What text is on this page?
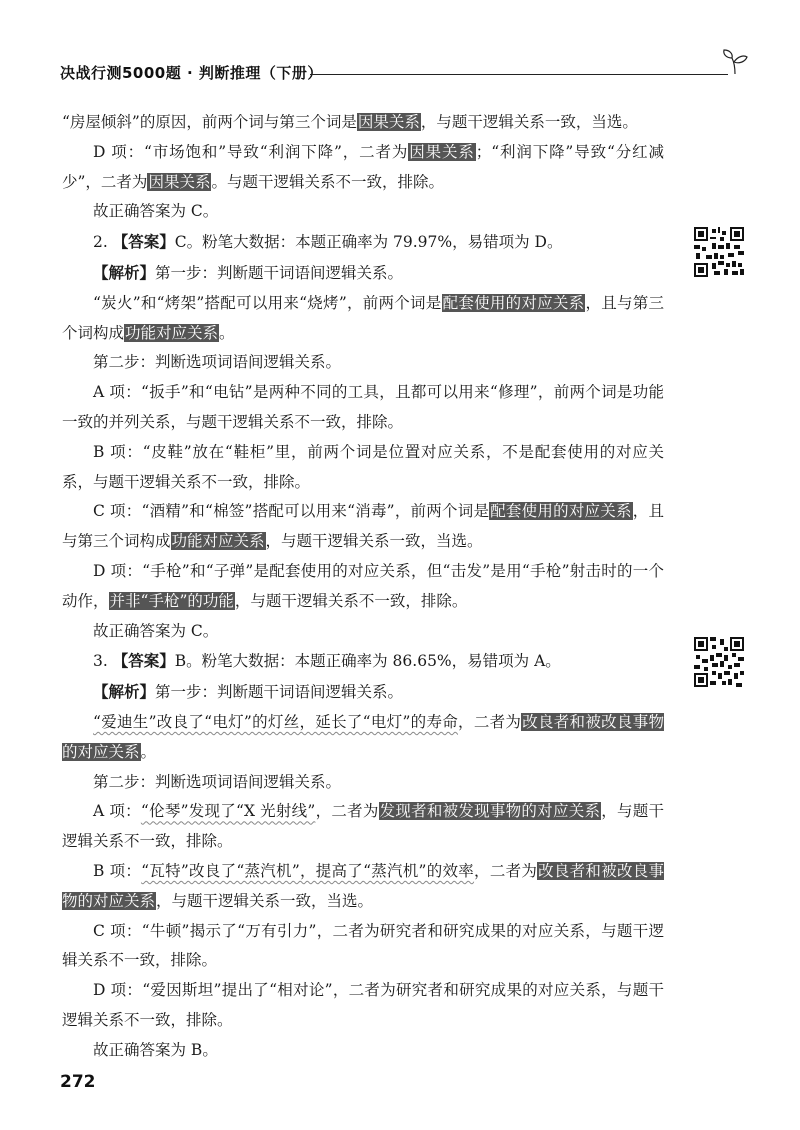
决战行测5000题 · 判断推理（下册）

“房屋倾斜”的原因，前两个词与第三个词是因果关系，与题干逻辑关系一致，当选。

D 项：“市场饱和”导致“利润下降”，二者为因果关系；“利润下降”导致“分红减少”，二者为因果关系。与题干逻辑关系不一致，排除。

故正确答案为 C。

2. 【答案】C。粉笔大数据：本题正确率为 79.97%，易错项为 D。

【解析】第一步：判断题干词语间逻辑关系。

“炭火”和“烤架”搭配可以用来“烧烤”，前两个词是配套使用的对应关系，且与第三个词构成功能对应关系。

第二步：判断选项词语间逻辑关系。

A 项：“扳手”和“电钻”是两种不同的工具，且都可以用来“修理”，前两个词是功能一致的并列关系，与题干逻辑关系不一致，排除。

B 项：“皮鞋”放在“鞋柜”里，前两个词是位置对应关系，不是配套使用的对应关系，与题干逻辑关系不一致，排除。

C 项：“酒精”和“棉签”搭配可以用来“消毒”，前两个词是配套使用的对应关系，且与第三个词构成功能对应关系，与题干逻辑关系一致，当选。

D 项：“手枪”和“子弹”是配套使用的对应关系，但“击发”是用“手枪”射击时的一个动作，并非“手枪”的功能，与题干逻辑关系不一致，排除。

故正确答案为 C。

3. 【答案】B。粉笔大数据：本题正确率为 86.65%，易错项为 A。

【解析】第一步：判断题干词语间逻辑关系。

“爱迪生”改良了“电灯”的灯丝，延长了“电灯”的寿命，二者为改良者和被改良事物的对应关系。

第二步：判断选项词语间逻辑关系。

A 项：“伦琴”发现了“X 光射线”，二者为发现者和被发现事物的对应关系，与题干逻辑关系不一致，排除。

B 项：“瓦特”改良了“蒸汽机”，提高了“蒸汽机”的效率，二者为改良者和被改良事物的对应关系，与题干逻辑关系一致，当选。

C 项：“牛顿”揭示了“万有引力”，二者为研究者和研究成果的对应关系，与题干逻辑关系不一致，排除。

D 项：“爱因斯坦”提出了“相对论”，二者为研究者和研究成果的对应关系，与题干逻辑关系不一致，排除。

故正确答案为 B。

272
